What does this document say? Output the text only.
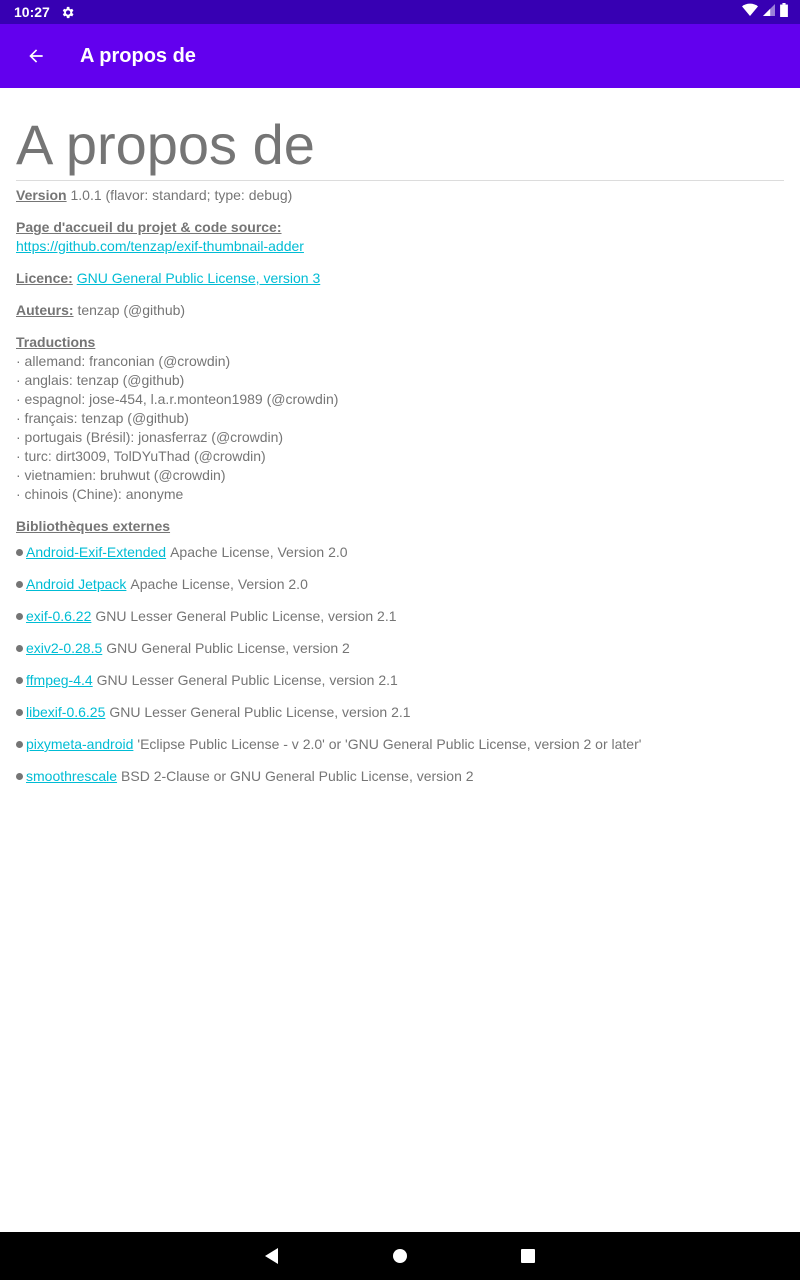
10:27
A propos de
A propos de
Version 1.0.1 (flavor: standard; type: debug)
Page d'accueil du projet & code source:
https://github.com/tenzap/exif-thumbnail-adder
Licence: GNU General Public License, version 3
Auteurs: tenzap (@github)
Traductions
· allemand: franconian (@crowdin)
· anglais: tenzap (@github)
· espagnol: jose-454, l.a.r.monteon1989 (@crowdin)
· français: tenzap (@github)
· portugais (Brésil): jonasferraz (@crowdin)
· turc: dirt3009, TolDYuThad (@crowdin)
· vietnamien: bruhwut (@crowdin)
· chinois (Chine): anonyme
Bibliothèques externes
Android-Exif-Extended Apache License, Version 2.0
Android Jetpack Apache License, Version 2.0
exif-0.6.22 GNU Lesser General Public License, version 2.1
exiv2-0.28.5 GNU General Public License, version 2
ffmpeg-4.4 GNU Lesser General Public License, version 2.1
libexif-0.6.25 GNU Lesser General Public License, version 2.1
pixymeta-android 'Eclipse Public License - v 2.0' or 'GNU General Public License, version 2 or later'
smoothrescale BSD 2-Clause or GNU General Public License, version 2
